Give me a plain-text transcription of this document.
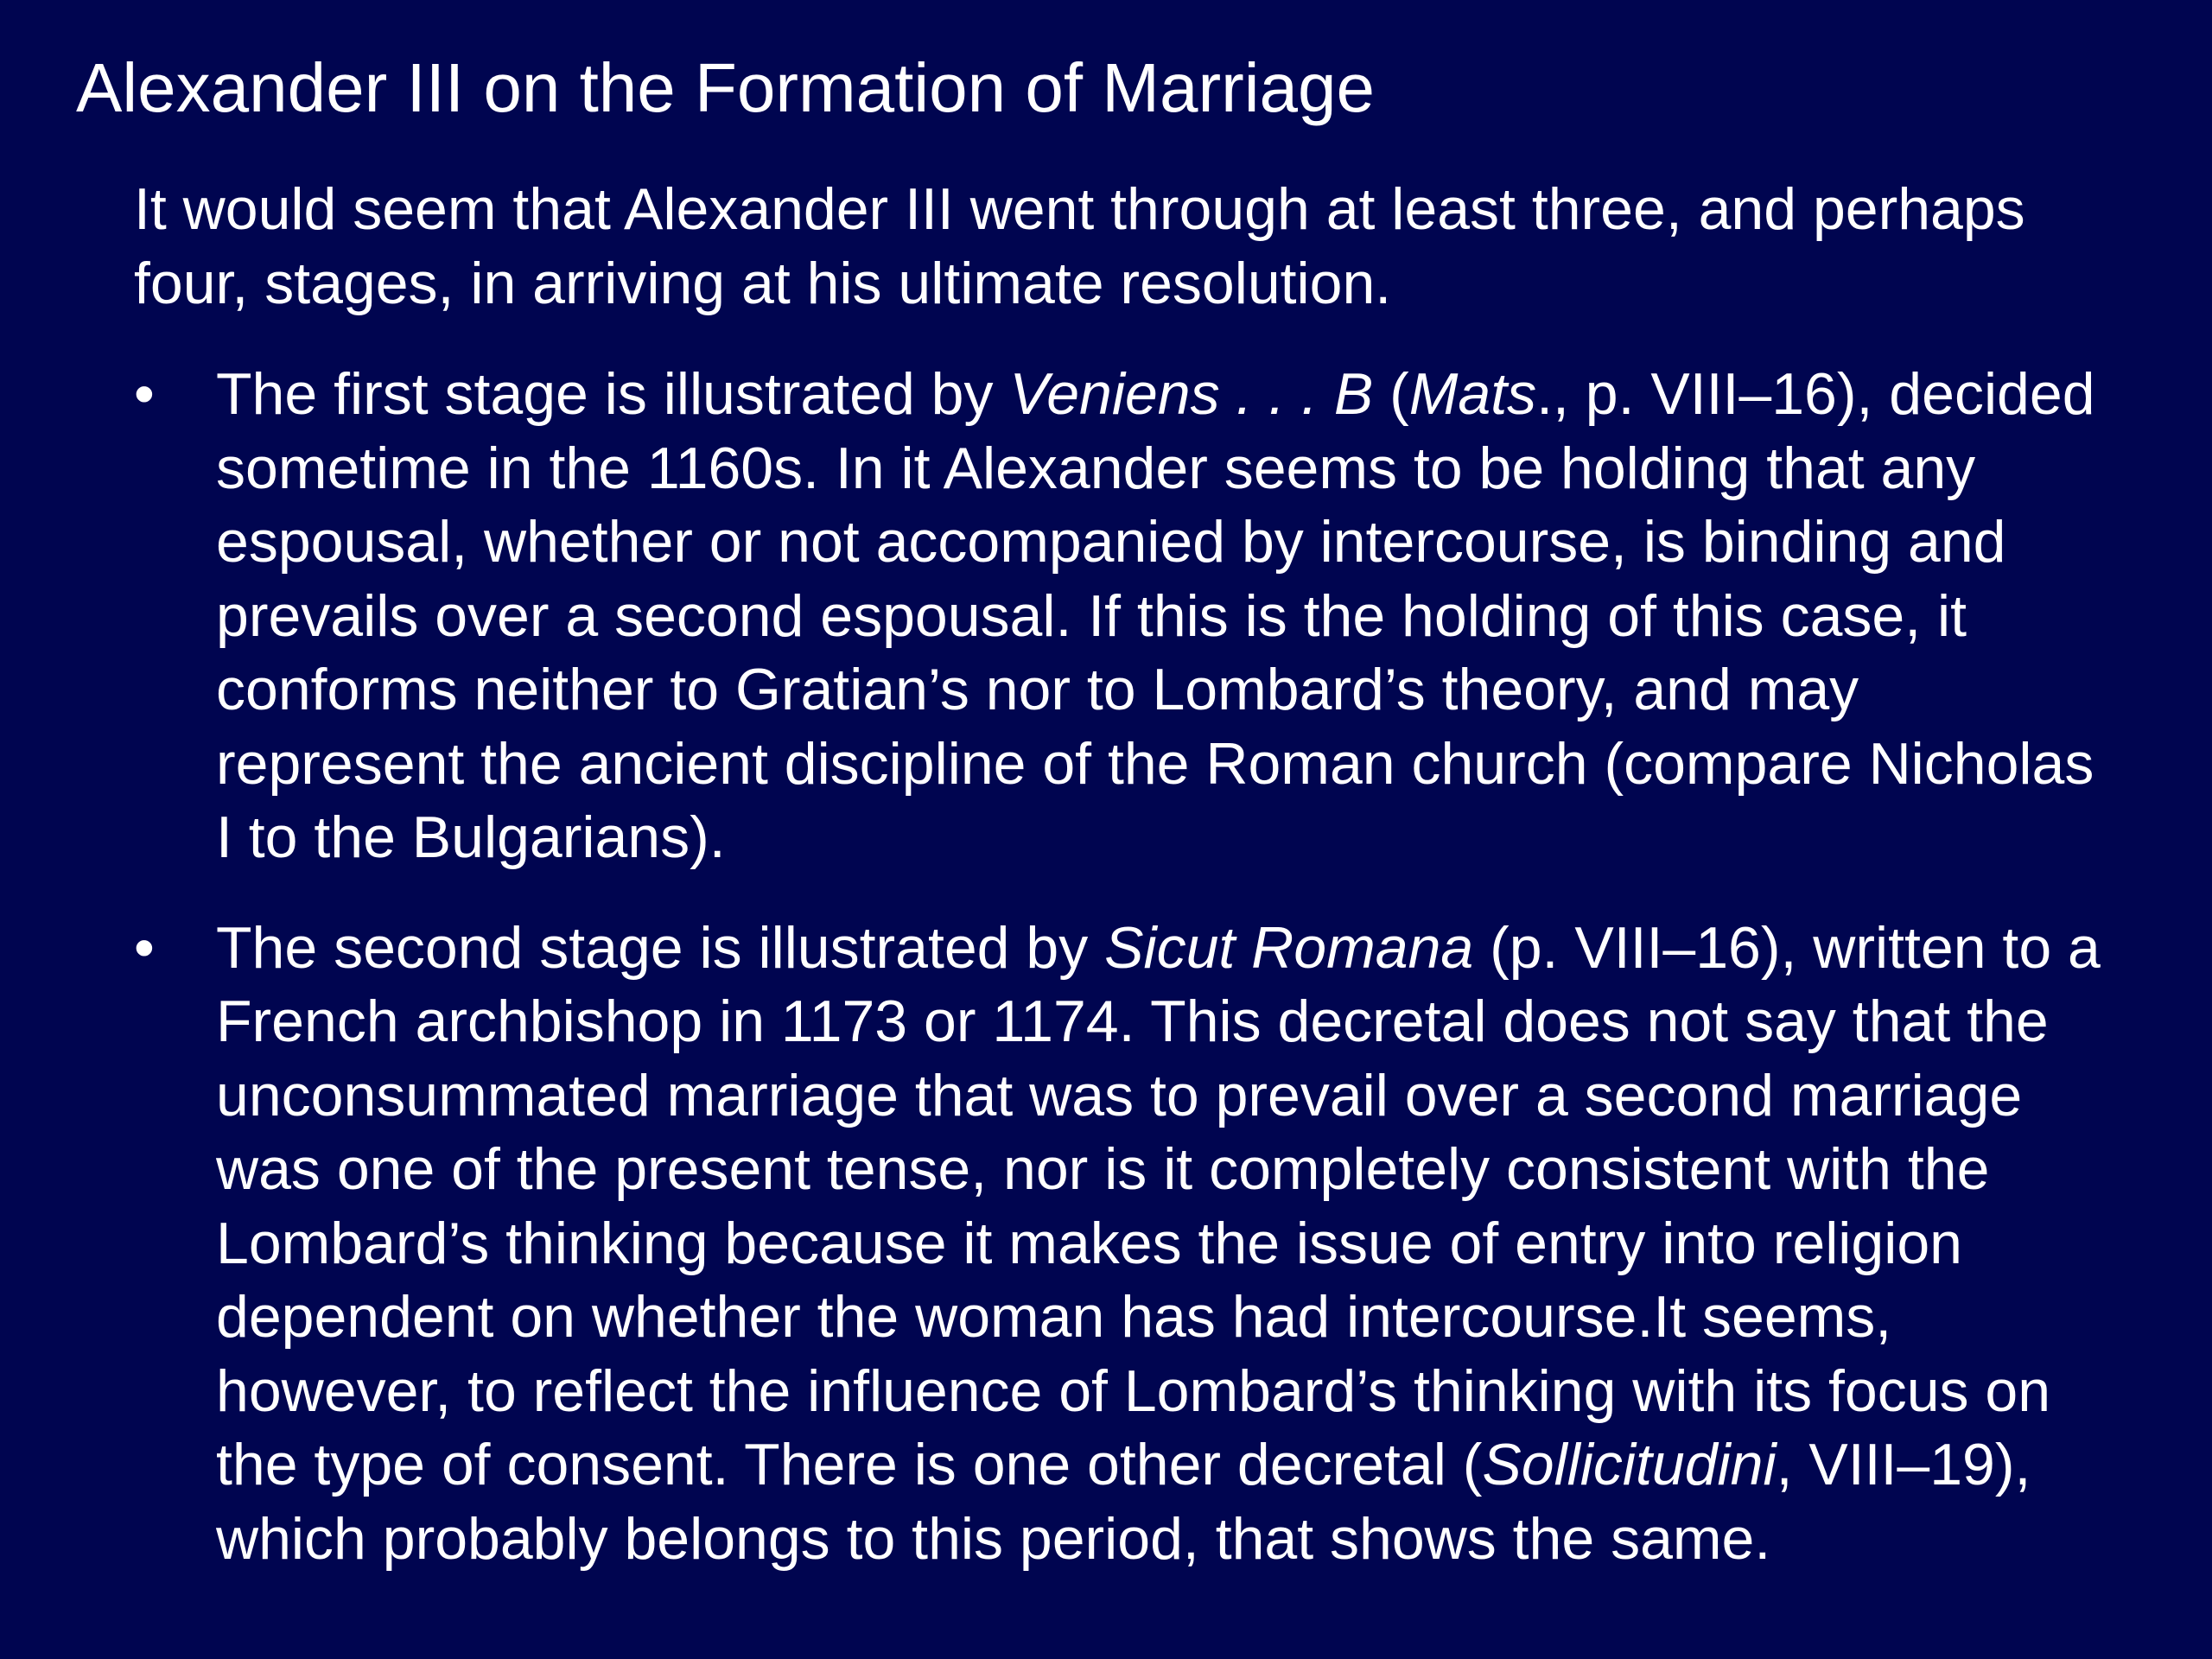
Alexander III on the Formation of Marriage

It would seem that Alexander III went through at least three, and perhaps
four, stages, in arriving at his ultimate resolution.

• The first stage is illustrated by Veniens . . . B (Mats., p. VIII–16), decided
sometime in the 1160s. In it Alexander seems to be holding that any
espousal, whether or not accompanied by intercourse, is binding and
prevails over a second espousal. If this is the holding of this case, it
conforms neither to Gratian’s nor to Lombard’s theory, and may
represent the ancient discipline of the Roman church (compare Nicholas
I to the Bulgarians).
• The second stage is illustrated by Sicut Romana (p. VIII–16), written to a
French archbishop in 1173 or 1174. This decretal does not say that the
unconsummated marriage that was to prevail over a second marriage
was one of the present tense, nor is it completely consistent with the
Lombard’s thinking because it makes the issue of entry into religion
dependent on whether the woman has had intercourse.It seems,
however, to reflect the influence of Lombard’s thinking with its focus on
the type of consent. There is one other decretal (Sollicitudini, VIII–19),
which probably belongs to this period, that shows the same.
